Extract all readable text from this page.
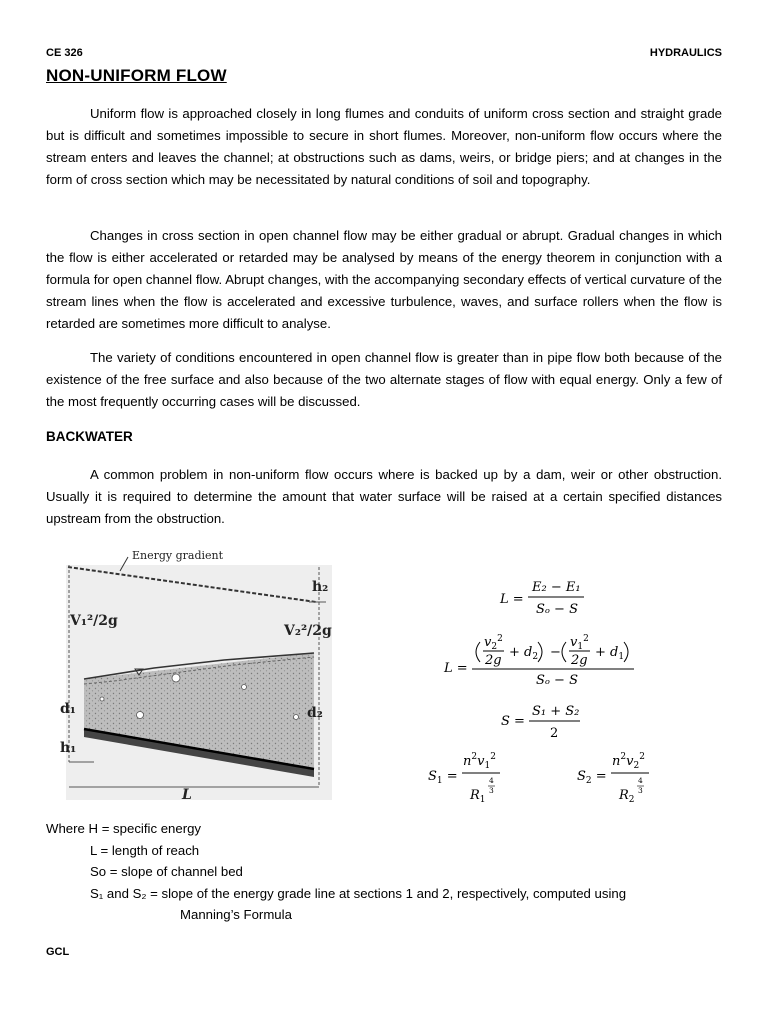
CE 326	HYDRAULICS
NON-UNIFORM FLOW

Uniform flow is approached closely in long flumes and conduits of uniform cross section and straight grade but is difficult and sometimes impossible to secure in short flumes. Moreover, non-uniform flow occurs where the stream enters and leaves the channel; at obstructions such as dams, weirs, or bridge piers; and at changes in the form of cross section which may be necessitated by natural conditions of soil and topography.

Changes in cross section in open channel flow may be either gradual or abrupt. Gradual changes in which the flow is either accelerated or retarded may be analysed by means of the energy theorem in conjunction with a formula for open channel flow. Abrupt changes, with the accompanying secondary effects of vertical curvature of the stream lines when the flow is accelerated and excessive turbulence, waves, and surface rollers when the flow is retarded are sometimes more difficult to analyse.

The variety of conditions encountered in open channel flow is greater than in pipe flow both because of the existence of the free surface and also because of the two alternate stages of flow with equal energy. Only a few of the most frequently occurring cases will be discussed.

BACKWATER

A common problem in non-uniform flow occurs where is backed up by a dam, weir or other obstruction. Usually it is required to determine the amount that water surface will be raised at a certain specified distances upstream from the obstruction.

Energy gradient
V₁²/2g
V₂²/2g
h₂
d₂
d₁
h₁
L
L =
E₂ − E₁
Sₒ − S
L =
$v2^2$
2g
+ d2 −
$v1^2$
2g
+ d1
Sₒ − S
S =
S₁ + S₂
2
S1 =
$n^2_v1^2$
R1
4
3
S2 =
$n^2_v2^2$
R2
4
3
Where H = specific energy
L = length of reach
So = slope of channel bed
S₁ and S₂ = slope of the energy grade line at sections 1 and 2, respectively, computed using
Manning’s Formula
GCL
